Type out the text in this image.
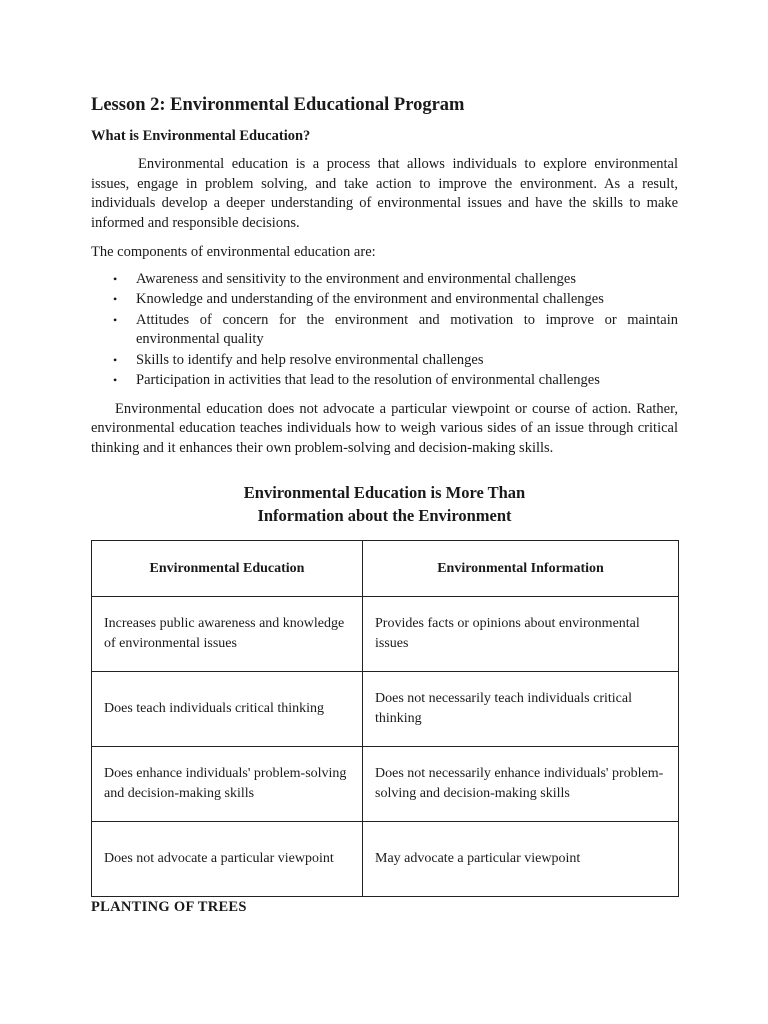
Lesson 2: Environmental Educational Program

What is Environmental Education?

Environmental education is a process that allows individuals to explore environmental issues, engage in problem solving, and take action to improve the environment. As a result, individuals develop a deeper understanding of environmental issues and have the skills to make informed and responsible decisions.

The components of environmental education are:

• Awareness and sensitivity to the environment and environmental challenges
• Knowledge and understanding of the environment and environmental challenges
• Attitudes of concern for the environment and motivation to improve or maintain environmental quality
• Skills to identify and help resolve environmental challenges
• Participation in activities that lead to the resolution of environmental challenges

Environmental education does not advocate a particular viewpoint or course of action. Rather, environmental education teaches individuals how to weigh various sides of an issue through critical thinking and it enhances their own problem-solving and decision-making skills.

Environmental Education is More Than
Information about the Environment
Environmental Education	Environmental Information
Increases public awareness and knowledge of environmental issues	Provides facts or opinions about environmental issues
Does teach individuals critical thinking	Does not necessarily teach individuals critical thinking
Does enhance individuals' problem-solving and decision-making skills	Does not necessarily enhance individuals' problem-solving and decision-making skills
Does not advocate a particular viewpoint	May advocate a particular viewpoint

PLANTING OF TREES
